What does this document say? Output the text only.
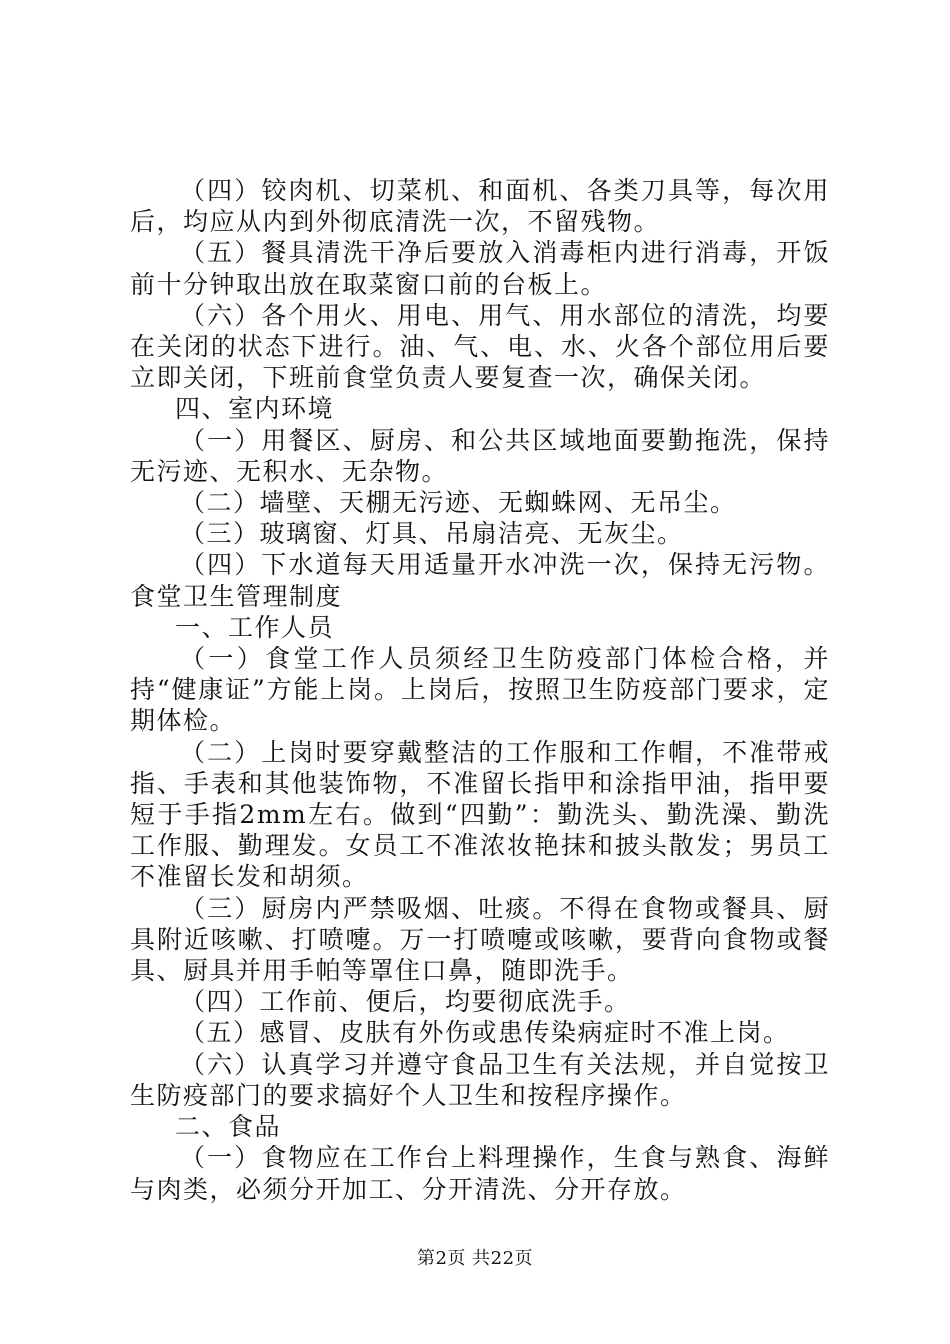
（四）铰肉机、切菜机、和面机、各类刀具等，每次用后，均应从内到外彻底清洗一次，不留残物。

（五）餐具清洗干净后要放入消毒柜内进行消毒，开饭前十分钟取出放在取菜窗口前的台板上。

（六）各个用火、用电、用气、用水部位的清洗，均要在关闭的状态下进行。油、气、电、水、火各个部位用后要立即关闭，下班前食堂负责人要复查一次，确保关闭。

四、室内环境

（一）用餐区、厨房、和公共区域地面要勤拖洗，保持无污迹、无积水、无杂物。

（二）墙壁、天棚无污迹、无蜘蛛网、无吊尘。

（三）玻璃窗、灯具、吊扇洁亮、无灰尘。

（四）下水道每天用适量开水冲洗一次，保持无污物。食堂卫生管理制度

一、工作人员

（一）食堂工作人员须经卫生防疫部门体检合格，并持“健康证”方能上岗。上岗后，按照卫生防疫部门要求，定期体检。

（二）上岗时要穿戴整洁的工作服和工作帽，不准带戒指、手表和其他装饰物，不准留长指甲和涂指甲油，指甲要短于手指2mm左右。做到“四勤”：勤洗头、勤洗澡、勤洗工作服、勤理发。女员工不准浓妆艳抹和披头散发；男员工不准留长发和胡须。

（三）厨房内严禁吸烟、吐痰。不得在食物或餐具、厨具附近咳嗽、打喷嚏。万一打喷嚏或咳嗽，要背向食物或餐具、厨具并用手帕等罩住口鼻，随即洗手。

（四）工作前、便后，均要彻底洗手。

（五）感冒、皮肤有外伤或患传染病症时不准上岗。

（六）认真学习并遵守食品卫生有关法规，并自觉按卫生防疫部门的要求搞好个人卫生和按程序操作。

二、食品

（一）食物应在工作台上料理操作，生食与熟食、海鲜与肉类，必须分开加工、分开清洗、分开存放。

第2页 共22页
